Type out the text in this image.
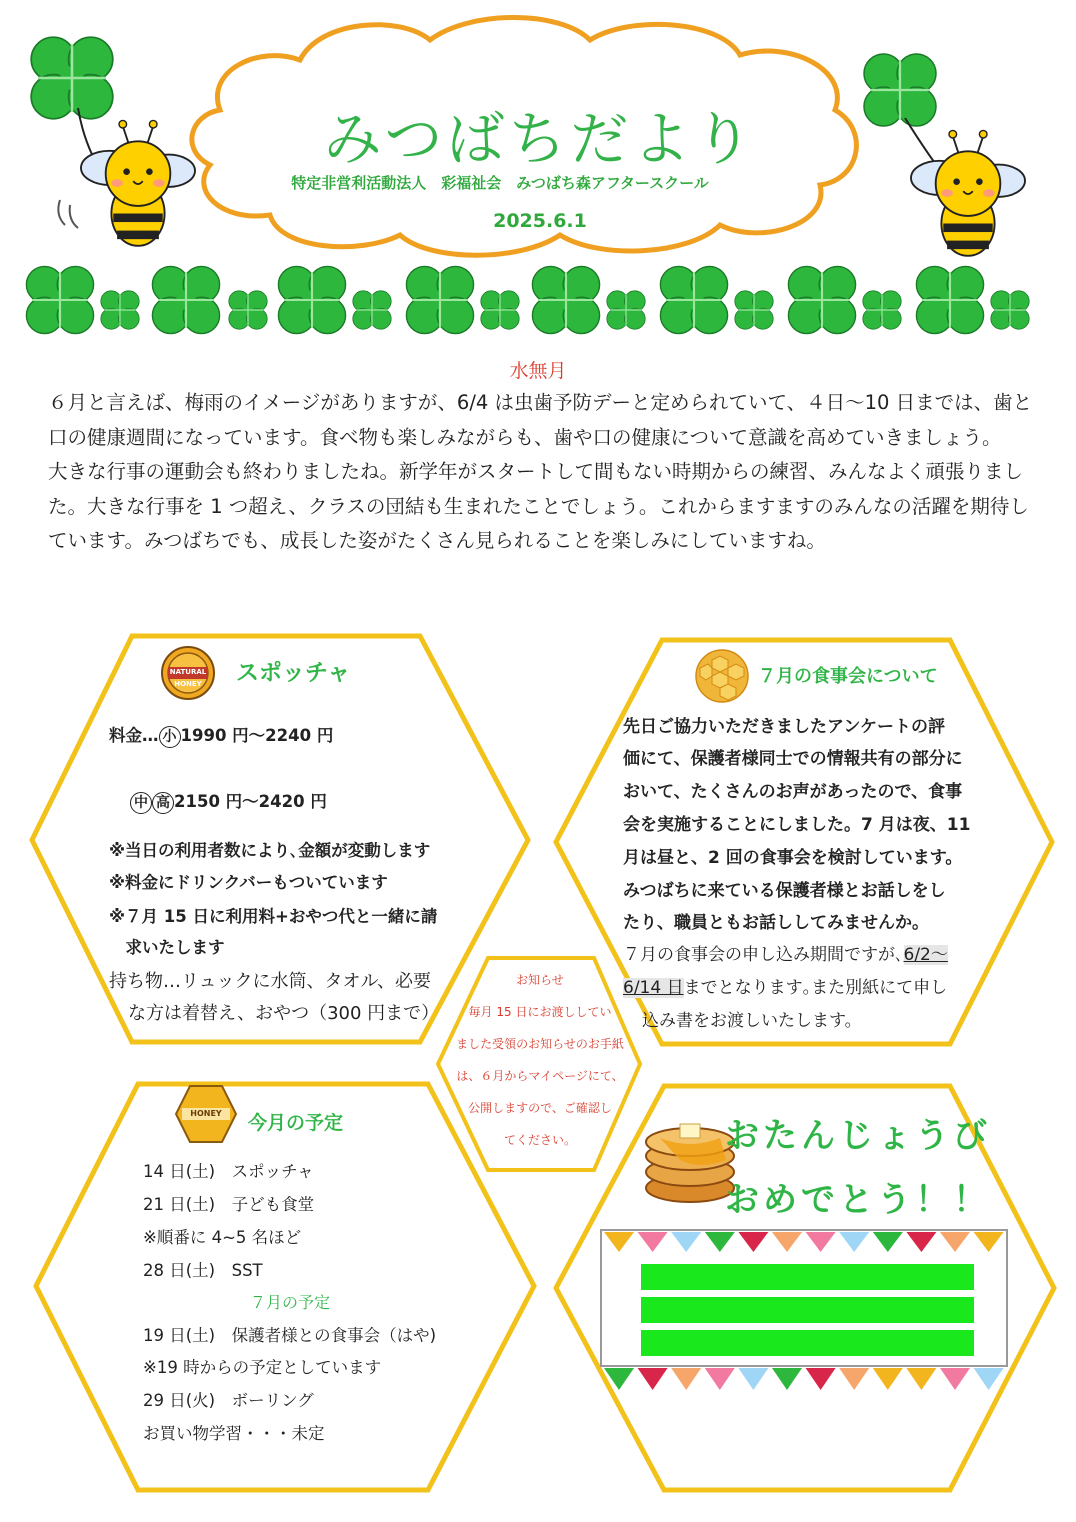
みつばちだより
特定非営利活動法人　彩福祉会　みつばち森アフタースクール
2025.6.1
水無月

６月と言えば、梅雨のイメージがありますが、6/4 は虫歯予防デーと定められていて、４日～10 日までは、歯と口の健康週間になっています。食べ物も楽しみながらも、歯や口の健康について意識を高めていきましょう。

大きな行事の運動会も終わりましたね。新学年がスタートして間もない時期からの練習、みんなよく頑張りました。大きな行事を 1 つ超え、クラスの団結も生まれたことでしょう。これからますますのみんなの活躍を期待しています。みつばちでも、成長した姿がたくさん見られることを楽しみにしていますね。

NATURAL HONEY	スポッチャ
料金… 小 1990 円～2240 円
中 高 2150 円～2420 円
※当日の利用者数により､金額が変動します
※料金にドリンクバーもついています
※７月 15 日に利用料+おやつ代と一緒に請
　求いたします
持ち物…リュックに水筒、タオル、必要
な方は着替え、おやつ（300 円まで）
７月の食事会について
先日ご協力いただきましたアンケートの評
価にて、保護者様同士での情報共有の部分に
おいて、たくさんのお声があったので、食事
会を実施することにしました。7 月は夜、11
月は昼と、2 回の食事会を検討しています。
みつばちに来ている保護者様とお話しをし
たり、職員ともお話ししてみませんか。
７月の食事会の申し込み期間ですが､6/2～
6/14 日までとなります｡また別紙にて申し
込み書をお渡しいたします。
お知らせ
毎月 15 日にお渡ししてい
ました受領のお知らせのお手紙
は、６月からマイページにて、
公開しますので、ご確認し
てください。
HONEY	今月の予定
14 日(土)　スポッチャ
21 日(土)　子ども食堂
※順番に 4~5 名ほど
28 日(土)　SST
７月の予定
19 日(土)　保護者様との食事会（はや)
※19 時からの予定としています
29 日(火)　ボーリング
お買い物学習・・・未定
おたんじょうび
おめでとう！！
